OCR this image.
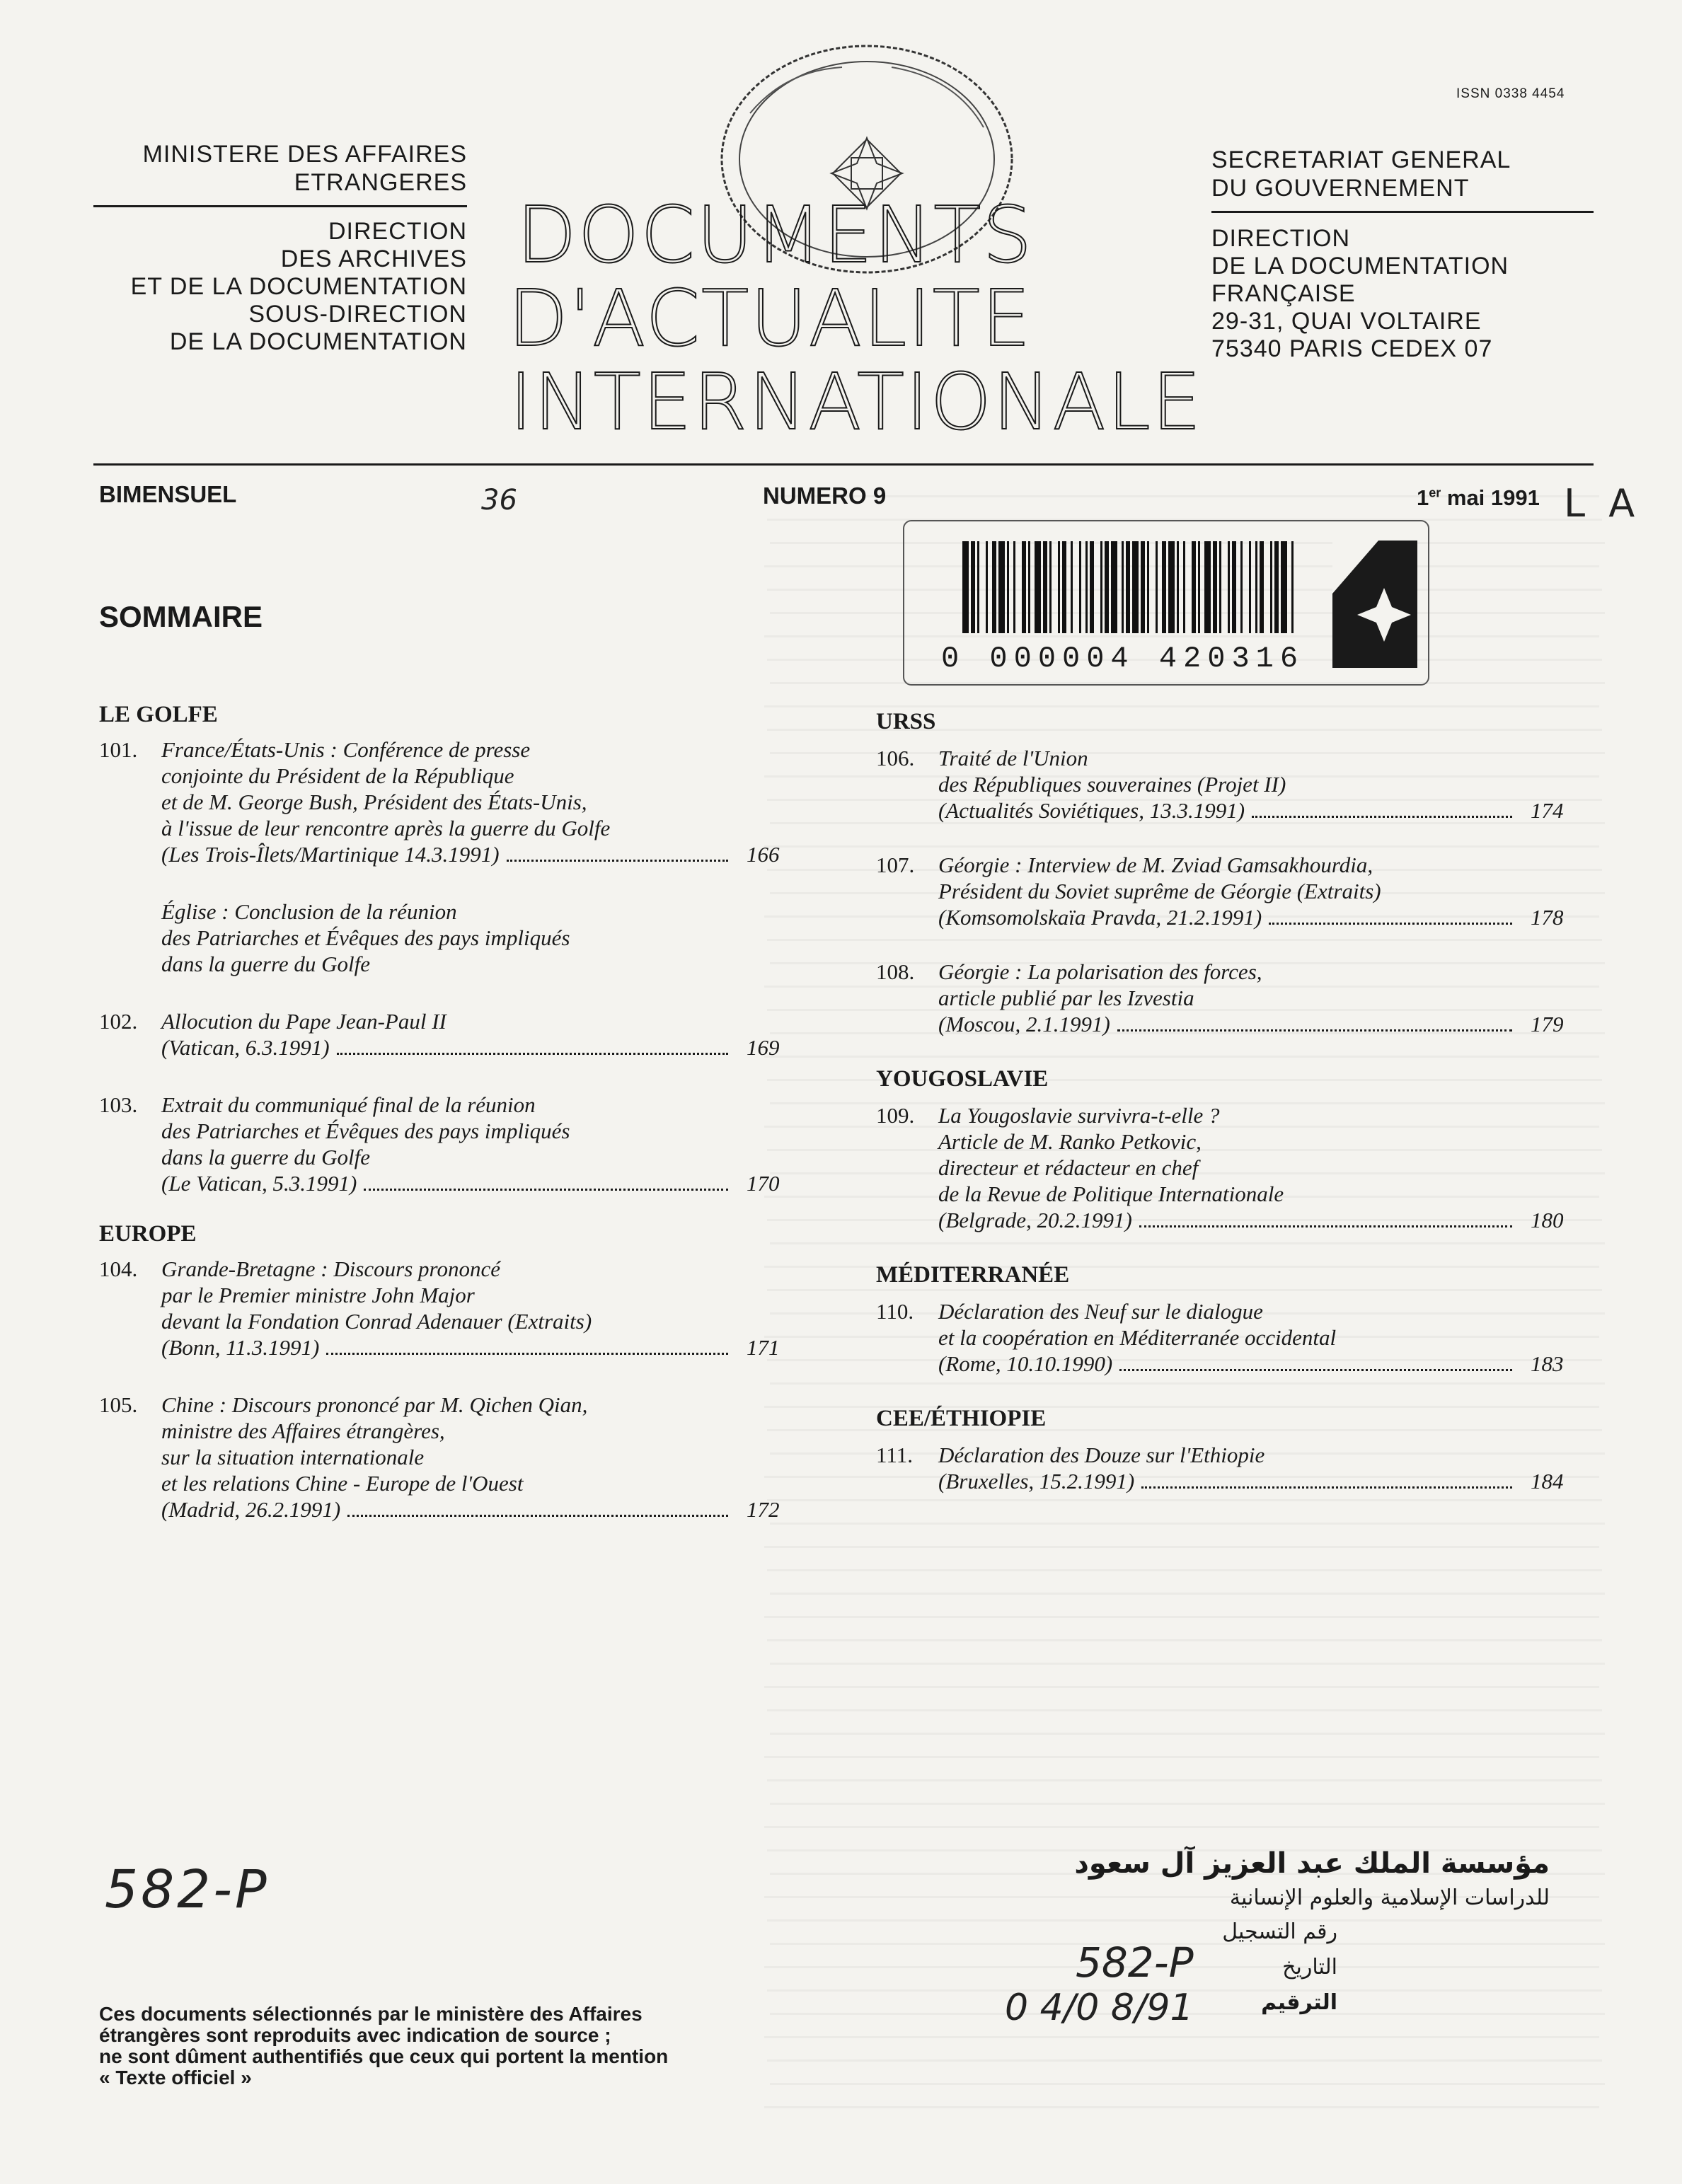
ISSN 0338 4454
MINISTERE DES AFFAIRES
ETRANGERES
DIRECTION
DES ARCHIVES
ET DE LA DOCUMENTATION
SOUS-DIRECTION
DE LA DOCUMENTATION
SECRETARIAT GENERAL
DU GOUVERNEMENT
DIRECTION
DE LA DOCUMENTATION
FRANÇAISE
29-31, QUAI VOLTAIRE
75340 PARIS CEDEX 07
DOCUMENTS
D'ACTUALITE
INTERNATIONALE
BIMENSUEL	36	NUMERO 9	1er mai 1991 L A
0 000004 420316
SOMMAIRE
LE GOLFE
101. France/États-Unis : Conférence de presse
conjointe du Président de la République
et de M. George Bush, Président des États-Unis,
à l'issue de leur rencontre après la guerre du Golfe
(Les Trois-Îlets/Martinique 14.3.1991)	166
Église : Conclusion de la réunion
des Patriarches et Évêques des pays impliqués
dans la guerre du Golfe
102. Allocution du Pape Jean-Paul II
(Vatican, 6.3.1991)	169
103. Extrait du communiqué final de la réunion
des Patriarches et Évêques des pays impliqués
dans la guerre du Golfe
(Le Vatican, 5.3.1991)	170
EUROPE
104. Grande-Bretagne : Discours prononcé
par le Premier ministre John Major
devant la Fondation Conrad Adenauer (Extraits)
(Bonn, 11.3.1991)	171
105. Chine : Discours prononcé par M. Qichen Qian,
ministre des Affaires étrangères,
sur la situation internationale
et les relations Chine - Europe de l'Ouest
(Madrid, 26.2.1991)	172
URSS
106. Traité de l'Union
des Républiques souveraines (Projet II)
(Actualités Soviétiques, 13.3.1991)	174
107. Géorgie : Interview de M. Zviad Gamsakhourdia,
Président du Soviet suprême de Géorgie (Extraits)
(Komsomolskaïa Pravda, 21.2.1991)	178
108. Géorgie : La polarisation des forces,
article publié par les Izvestia
(Moscou, 2.1.1991)	179
YOUGOSLAVIE
109. La Yougoslavie survivra-t-elle ?
Article de M. Ranko Petkovic,
directeur et rédacteur en chef
de la Revue de Politique Internationale
(Belgrade, 20.2.1991)	180
MÉDITERRANÉE
110. Déclaration des Neuf sur le dialogue
et la coopération en Méditerranée occidental
(Rome, 10.10.1990)	183
CEE/ÉTHIOPIE
111. Déclaration des Douze sur l'Ethiopie
(Bruxelles, 15.2.1991)	184
582-P
Ces documents sélectionnés par le ministère des Affaires
étrangères sont reproduits avec indication de source ;
ne sont dûment authentifiés que ceux qui portent la mention
« Texte officiel »
مؤسسة الملك عبد العزيز آل سعود
للدراسات الإسلامية والعلوم الإنسانية
رقم التسجيل
التاريخ
الترقيم
582-P
0 4/0 8/91
